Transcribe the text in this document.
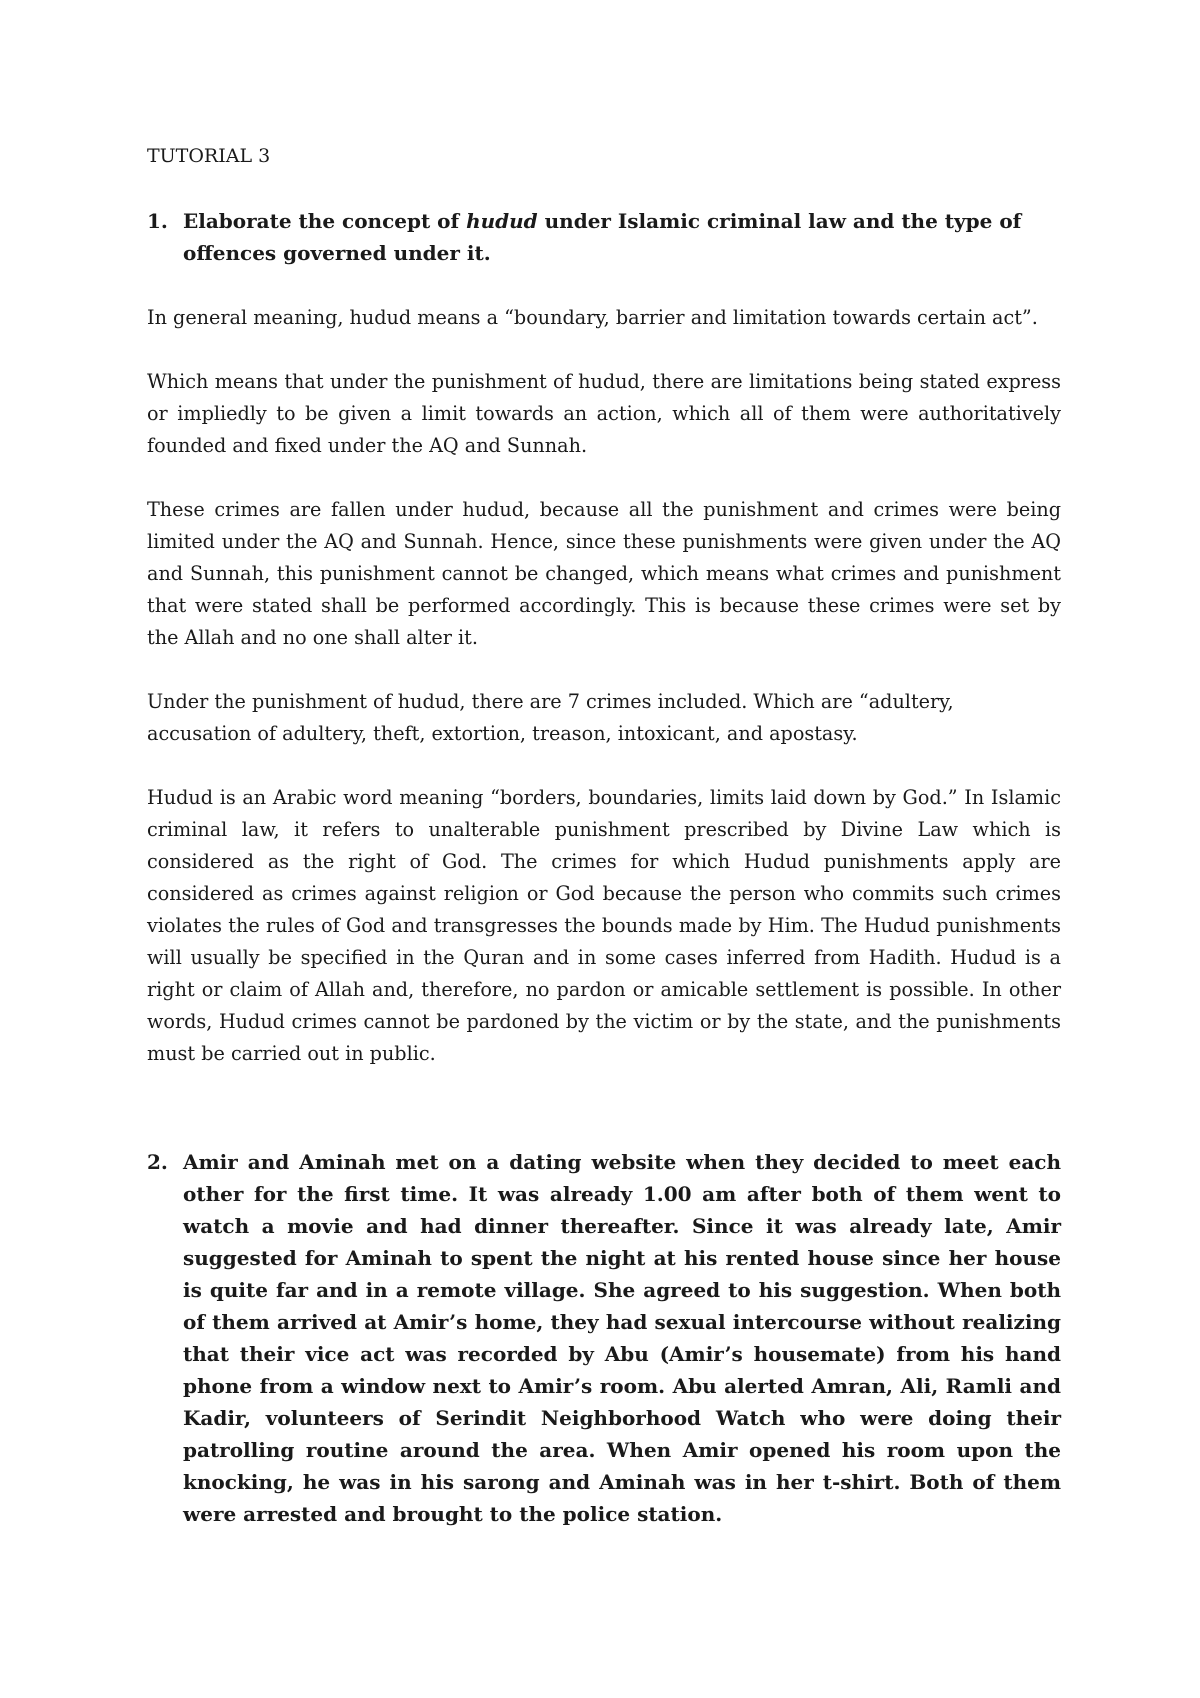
TUTORIAL 3
1. Elaborate the concept of hudud under Islamic criminal law and the type of offences governed under it.

In general meaning, hudud means a “boundary, barrier and limitation towards certain act”.

Which means that under the punishment of hudud, there are limitations being stated express or impliedly to be given a limit towards an action, which all of them were authoritatively founded and fixed under the AQ and Sunnah.

These crimes are fallen under hudud, because all the punishment and crimes were being limited under the AQ and Sunnah. Hence, since these punishments were given under the AQ and Sunnah, this punishment cannot be changed, which means what crimes and punishment that were stated shall be performed accordingly. This is because these crimes were set by the Allah and no one shall alter it.

Under the punishment of hudud, there are 7 crimes included. Which are “adultery, accusation of adultery, theft, extortion, treason, intoxicant, and apostasy.

Hudud is an Arabic word meaning “borders, boundaries, limits laid down by God.” In Islamic criminal law, it refers to unalterable punishment prescribed by Divine Law which is considered as the right of God. The crimes for which Hudud punishments apply are considered as crimes against religion or God because the person who commits such crimes violates the rules of God and transgresses the bounds made by Him. The Hudud punishments will usually be specified in the Quran and in some cases inferred from Hadith. Hudud is a right or claim of Allah and, therefore, no pardon or amicable settlement is possible. In other words, Hudud crimes cannot be pardoned by the victim or by the state, and the punishments must be carried out in public.

2. Amir and Aminah met on a dating website when they decided to meet each other for the first time. It was already 1.00 am after both of them went to watch a movie and had dinner thereafter. Since it was already late, Amir suggested for Aminah to spent the night at his rented house since her house is quite far and in a remote village. She agreed to his suggestion. When both of them arrived at Amir’s home, they had sexual intercourse without realizing that their vice act was recorded by Abu (Amir’s housemate) from his hand phone from a window next to Amir’s room. Abu alerted Amran, Ali, Ramli and Kadir, volunteers of Serindit Neighborhood Watch who were doing their patrolling routine around the area. When Amir opened his room upon the knocking, he was in his sarong and Aminah was in her t-shirt. Both of them were arrested and brought to the police station.
